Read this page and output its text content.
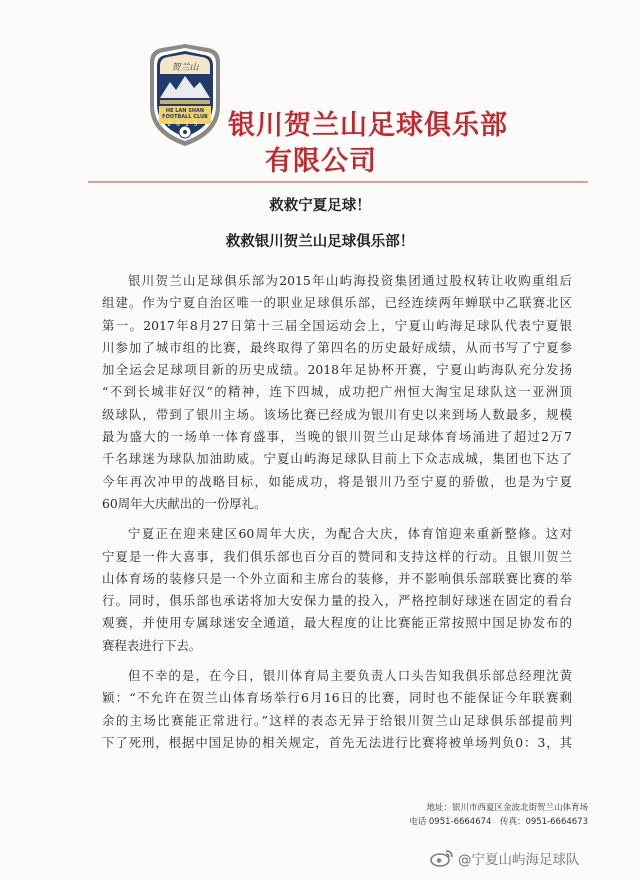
贺兰山
HE LAN SHAN FOOTBALL CLUB
2015 银川贺兰山足球俱乐部
有限公司
救救宁夏足球！
救救银川贺兰山足球俱乐部！
银川贺兰山足球俱乐部为2015年山屿海投资集团通过股权转让收购重组后
组建。作为宁夏自治区唯一的职业足球俱乐部，已经连续两年蝉联中乙联赛北区
第一。2017年8月27日第十三届全国运动会上，宁夏山屿海足球队代表宁夏银
川参加了城市组的比赛，最终取得了第四名的历史最好成绩，从而书写了宁夏参
加全运会足球项目新的历史成绩。2018年足协杯开赛，宁夏山屿海队充分发扬
“不到长城非好汉”的精神，连下四城，成功把广州恒大淘宝足球队这一亚洲顶
级球队，带到了银川主场。该场比赛已经成为银川有史以来到场人数最多，规模
最为盛大的一场单一体育盛事，当晚的银川贺兰山足球体育场涌进了超过2万7
千名球迷为球队加油助威。宁夏山屿海足球队目前上下众志成城，集团也下达了
今年再次冲甲的战略目标，如能成功，将是银川乃至宁夏的骄傲，也是为宁夏
60周年大庆献出的一份厚礼。
宁夏正在迎来建区60周年大庆，为配合大庆，体育馆迎来重新整修。这对
宁夏是一件大喜事，我们俱乐部也百分百的赞同和支持这样的行动。且银川贺兰
山体育场的装修只是一个外立面和主席台的装修，并不影响俱乐部联赛比赛的举
行。同时，俱乐部也承诺将加大安保力量的投入，严格控制好球迷在固定的看台
观赛，并使用专属球迷安全通道，最大程度的让比赛能正常按照中国足协发布的
赛程表进行下去。
但不幸的是，在今日，银川体育局主要负责人口头告知我俱乐部总经理沈黄
颖：“不允许在贺兰山体育场举行6月16日的比赛，同时也不能保证今年联赛剩
余的主场比赛能正常进行。”这样的表态无异于给银川贺兰山足球俱乐部提前判
下了死刑，根据中国足协的相关规定，首先无法进行比赛将被单场判负0：3，其
地址：银川市西夏区金波北街贺兰山体育场
电话 0951-6664674　传真：0951-6664673
@宁夏山屿海足球队
